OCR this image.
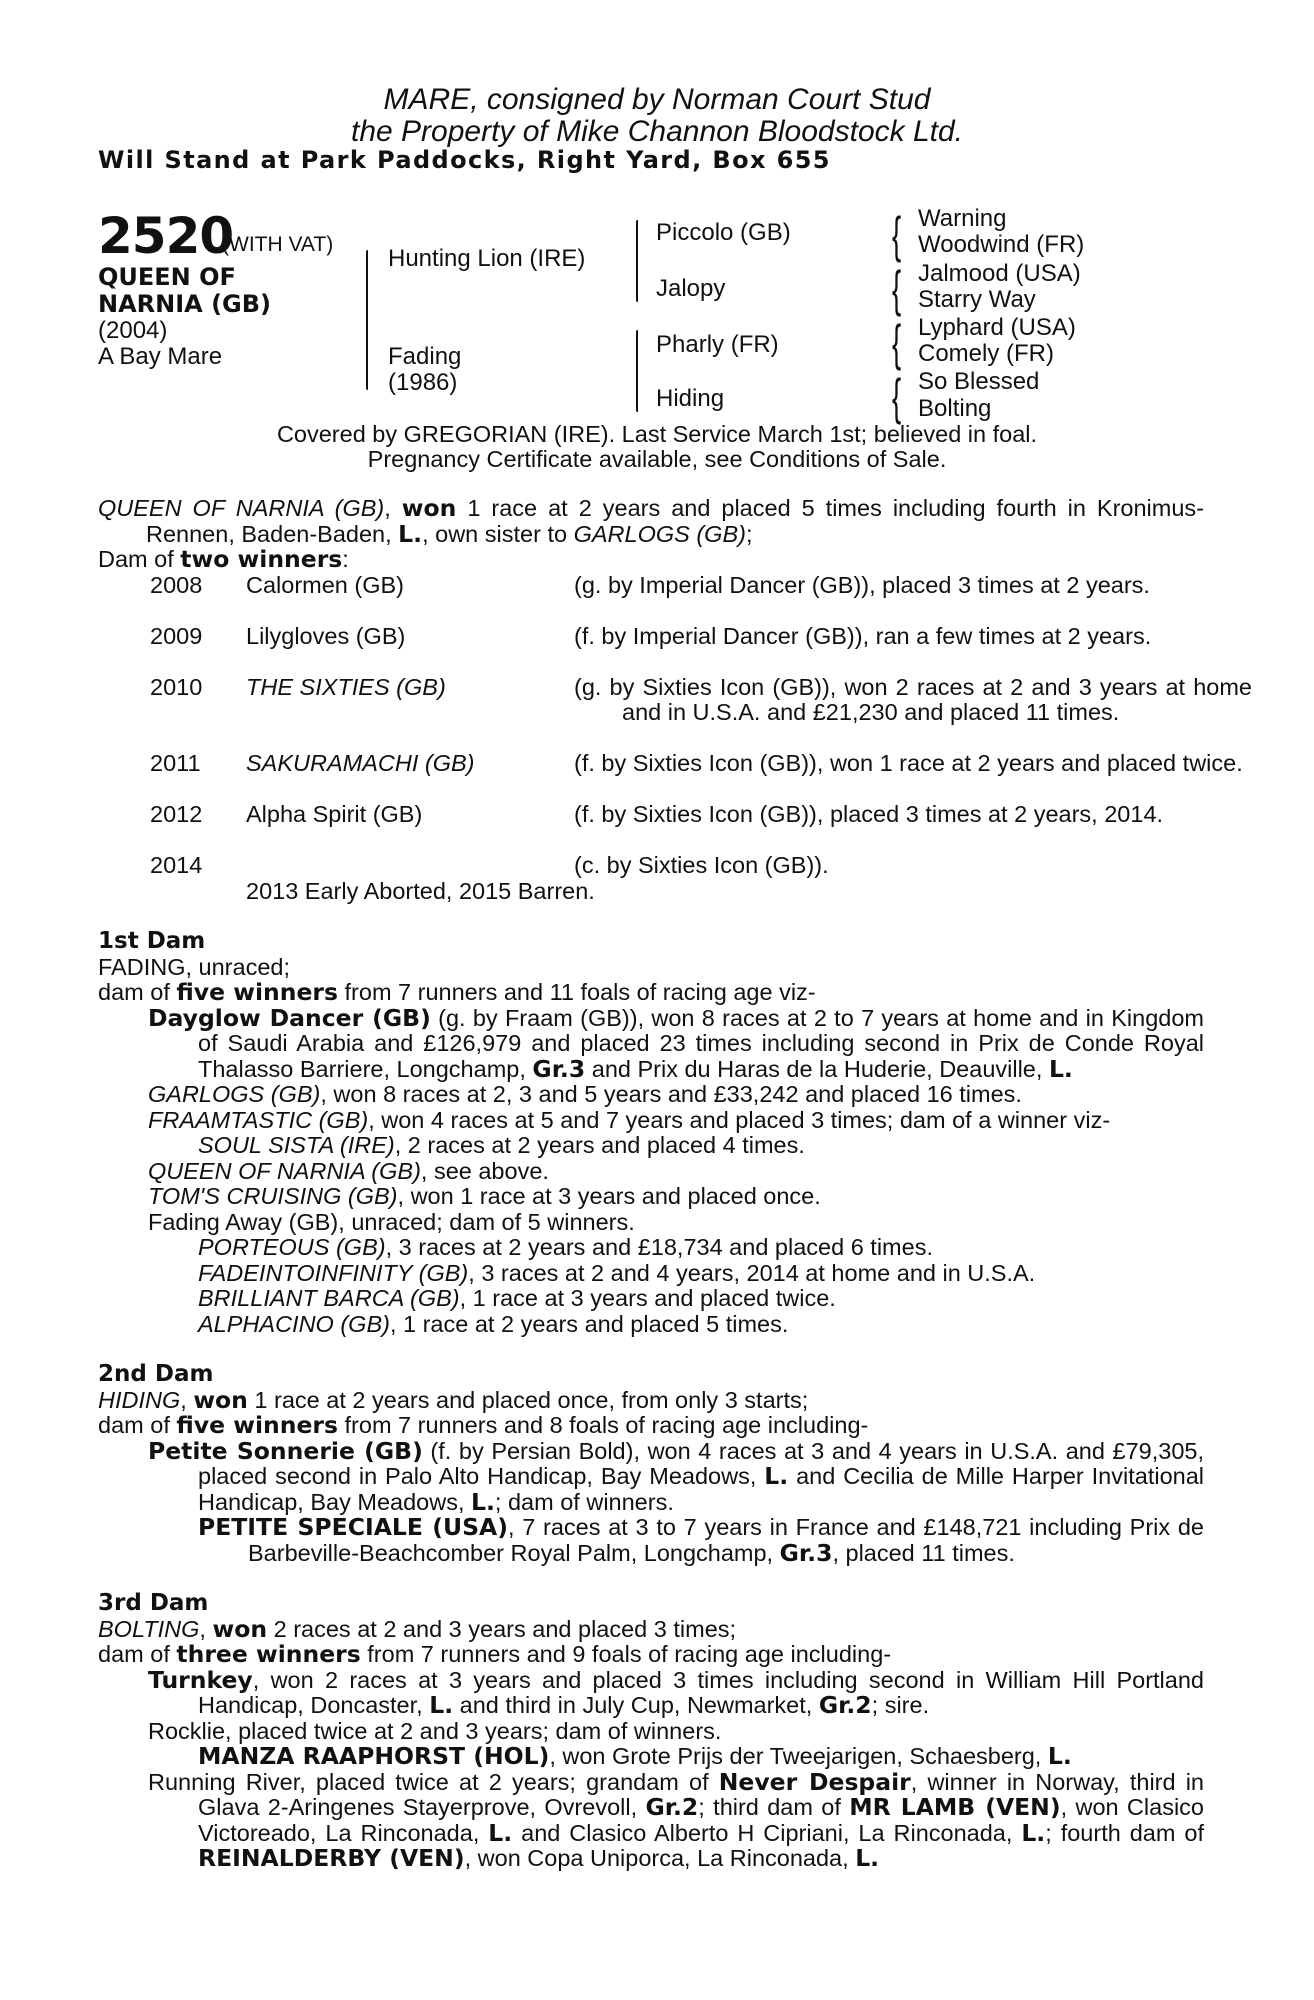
MARE, consigned by Norman Court Stud
the Property of Mike Channon Bloodstock Ltd.
Will Stand at Park Paddocks, Right Yard, Box 655
2520
(WITH VAT)
QUEEN OF
NARNIA (GB)
(2004)
A Bay Mare
Hunting Lion (IRE)
Fading
(1986)
Piccolo (GB)
Jalopy
Pharly (FR)
Hiding
{
{
{
{
Warning
Woodwind (FR)
Jalmood (USA)
Starry Way
Lyphard (USA)
Comely (FR)
So Blessed
Bolting
Covered by GREGORIAN (IRE). Last Service March 1st; believed in foal.
Pregnancy Certificate available, see Conditions of Sale.

QUEEN OF NARNIA (GB), won 1 race at 2 years and placed 5 times including fourth in Kronimus-Rennen, Baden-Baden, L., own sister to GARLOGS (GB);

Dam of two winners:

2008 Calormen (GB)	(g. by Imperial Dancer (GB)), placed 3 times at 2 years.
2009 Lilygloves (GB)	(f. by Imperial Dancer (GB)), ran a few times at 2 years.
2010 THE SIXTIES (GB)	(g. by Sixties Icon (GB)), won 2 races at 2 and 3 years at home and in U.S.A. and £21,230 and placed 11 times.
2011 SAKURAMACHI (GB)	(f. by Sixties Icon (GB)), won 1 race at 2 years and placed twice.
2012 Alpha Spirit (GB)	(f. by Sixties Icon (GB)), placed 3 times at 2 years, 2014.
2014	(c. by Sixties Icon (GB)).

2013 Early Aborted, 2015 Barren.

1st Dam

FADING, unraced;

dam of five winners from 7 runners and 11 foals of racing age viz-

Dayglow Dancer (GB) (g. by Fraam (GB)), won 8 races at 2 to 7 years at home and in Kingdom of Saudi Arabia and £126,979 and placed 23 times including second in Prix de Conde Royal Thalasso Barriere, Longchamp, Gr.3 and Prix du Haras de la Huderie, Deauville, L.

GARLOGS (GB), won 8 races at 2, 3 and 5 years and £33,242 and placed 16 times.

FRAAMTASTIC (GB), won 4 races at 5 and 7 years and placed 3 times; dam of a winner viz-

SOUL SISTA (IRE), 2 races at 2 years and placed 4 times.

QUEEN OF NARNIA (GB), see above.

TOM'S CRUISING (GB), won 1 race at 3 years and placed once.

Fading Away (GB), unraced; dam of 5 winners.

PORTEOUS (GB), 3 races at 2 years and £18,734 and placed 6 times.

FADEINTOINFINITY (GB), 3 races at 2 and 4 years, 2014 at home and in U.S.A.

BRILLIANT BARCA (GB), 1 race at 3 years and placed twice.

ALPHACINO (GB), 1 race at 2 years and placed 5 times.

2nd Dam

HIDING, won 1 race at 2 years and placed once, from only 3 starts;

dam of five winners from 7 runners and 8 foals of racing age including-

Petite Sonnerie (GB) (f. by Persian Bold), won 4 races at 3 and 4 years in U.S.A. and £79,305, placed second in Palo Alto Handicap, Bay Meadows, L. and Cecilia de Mille Harper Invitational Handicap, Bay Meadows, L.; dam of winners.

PETITE SPECIALE (USA), 7 races at 3 to 7 years in France and £148,721 including Prix de Barbeville-Beachcomber Royal Palm, Longchamp, Gr.3, placed 11 times.

3rd Dam

BOLTING, won 2 races at 2 and 3 years and placed 3 times;

dam of three winners from 7 runners and 9 foals of racing age including-

Turnkey, won 2 races at 3 years and placed 3 times including second in William Hill Portland Handicap, Doncaster, L. and third in July Cup, Newmarket, Gr.2; sire.

Rocklie, placed twice at 2 and 3 years; dam of winners.

MANZA RAAPHORST (HOL), won Grote Prijs der Tweejarigen, Schaesberg, L.

Running River, placed twice at 2 years; grandam of Never Despair, winner in Norway, third in Glava 2-Aringenes Stayerprove, Ovrevoll, Gr.2; third dam of MR LAMB (VEN), won Clasico Victoreado, La Rinconada, L. and Clasico Alberto H Cipriani, La Rinconada, L.; fourth dam of REINALDERBY (VEN), won Copa Uniporca, La Rinconada, L.
